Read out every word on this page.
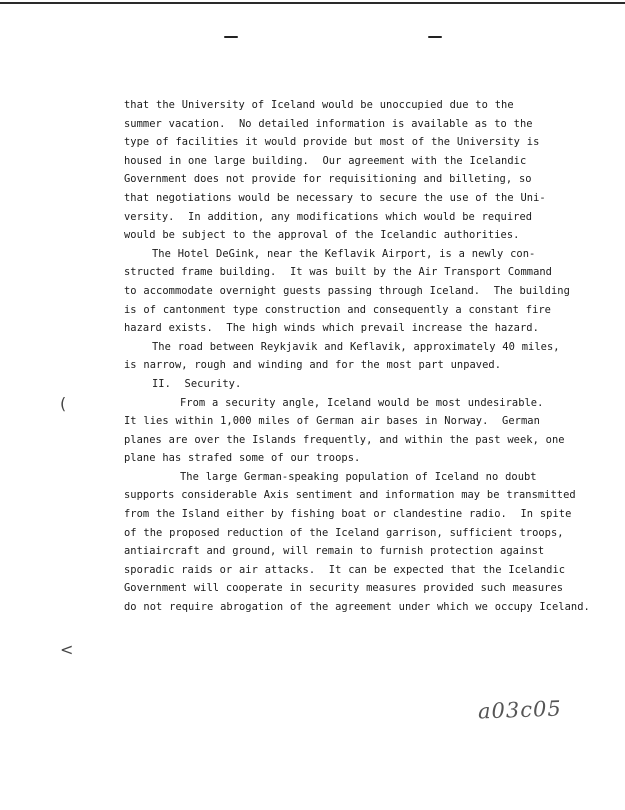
(
<
that the University of Iceland would be unoccupied due to the
summer vacation.  No detailed information is available as to the
type of facilities it would provide but most of the University is
housed in one large building.  Our agreement with the Icelandic
Government does not provide for requisitioning and billeting, so
that negotiations would be necessary to secure the use of the Uni-
versity.  In addition, any modifications which would be required
would be subject to the approval of the Icelandic authorities.
The Hotel DeGink, near the Keflavik Airport, is a newly con-
structed frame building.  It was built by the Air Transport Command
to accommodate overnight guests passing through Iceland.  The building
is of cantonment type construction and consequently a constant fire
hazard exists.  The high winds which prevail increase the hazard.
The road between Reykjavik and Keflavik, approximately 40 miles,
is narrow, rough and winding and for the most part unpaved.
II.  Security.
From a security angle, Iceland would be most undesirable.
It lies within 1,000 miles of German air bases in Norway.  German
planes are over the Islands frequently, and within the past week, one
plane has strafed some of our troops.
The large German-speaking population of Iceland no doubt
supports considerable Axis sentiment and information may be transmitted
from the Island either by fishing boat or clandestine radio.  In spite
of the proposed reduction of the Iceland garrison, sufficient troops,
antiaircraft and ground, will remain to furnish protection against
sporadic raids or air attacks.  It can be expected that the Icelandic
Government will cooperate in security measures provided such measures
do not require abrogation of the agreement under which we occupy Iceland.
a03c05
